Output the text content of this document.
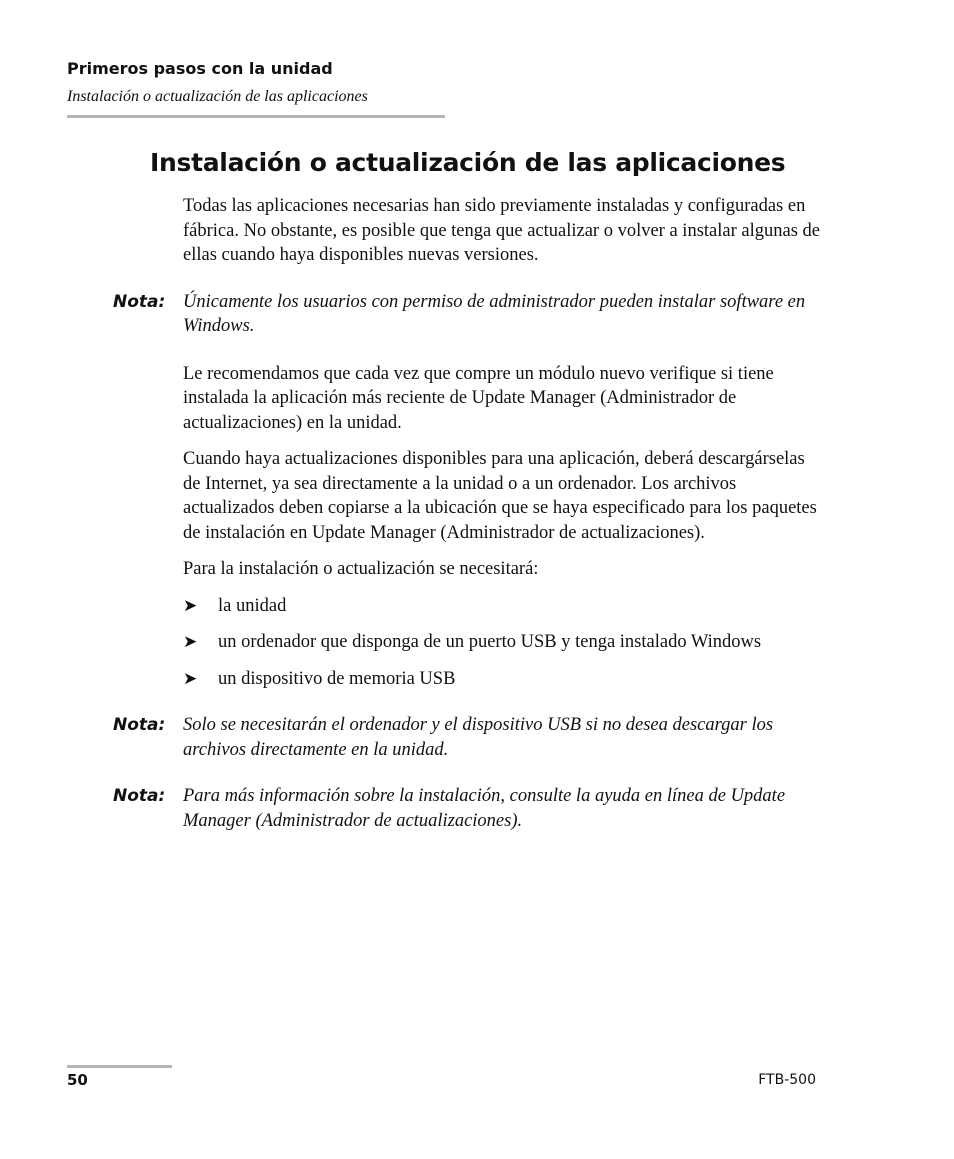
Primeros pasos con la unidad
Instalación o actualización de las aplicaciones
Instalación o actualización de las aplicaciones

Todas las aplicaciones necesarias han sido previamente instaladas y configuradas en fábrica. No obstante, es posible que tenga que actualizar o volver a instalar algunas de ellas cuando haya disponibles nuevas versiones.

Nota: Únicamente los usuarios con permiso de administrador pueden instalar software en Windows.

Le recomendamos que cada vez que compre un módulo nuevo verifique si tiene instalada la aplicación más reciente de Update Manager (Administrador de actualizaciones) en la unidad.

Cuando haya actualizaciones disponibles para una aplicación, deberá descargárselas de Internet, ya sea directamente a la unidad o a un ordenador. Los archivos actualizados deben copiarse a la ubicación que se haya especificado para los paquetes de instalación en Update Manager (Administrador de actualizaciones).

Para la instalación o actualización se necesitará:

➤ la unidad
➤ un ordenador que disponga de un puerto USB y tenga instalado Windows
➤ un dispositivo de memoria USB
Nota: Solo se necesitarán el ordenador y el dispositivo USB si no desea descargar los archivos directamente en la unidad.

Nota: Para más información sobre la instalación, consulte la ayuda en línea de Update Manager (Administrador de actualizaciones).

50	FTB-500
